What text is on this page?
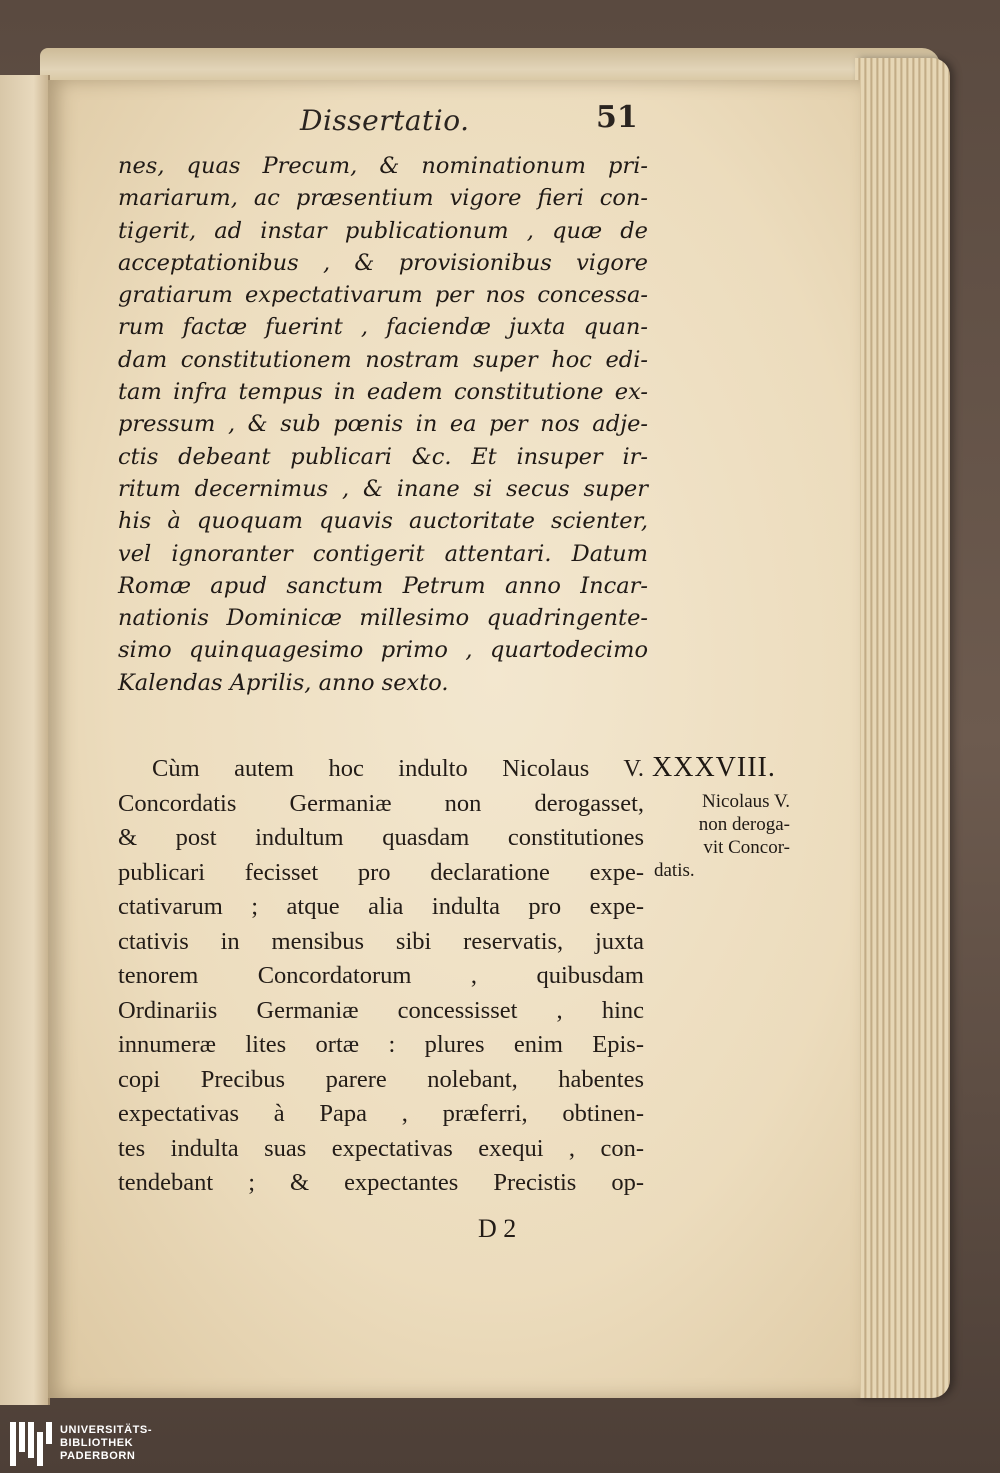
Dissertatio.	51
nes, quas Precum, & nominationum pri-
mariarum, ac præsentium vigore fieri con-
tigerit, ad instar publicationum , quæ de
acceptationibus , & provisionibus vigore
gratiarum expectativarum per nos concessa-
rum factæ fuerint , faciendæ juxta quan-
dam constitutionem nostram super hoc edi-
tam infra tempus in eadem constitutione ex-
pressum , & sub pœnis in ea per nos adje-
ctis debeant publicari &c. Et insuper ir-
ritum decernimus , & inane si secus super
his à quoquam quavis auctoritate scienter,
vel ignoranter contigerit attentari. Datum
Romæ apud sanctum Petrum anno Incar-
nationis Dominicæ millesimo quadringente-
simo quinquagesimo primo , quartodecimo
Kalendas Aprilis, anno sexto.
XXXVIII.
Nicolaus V.
non deroga-
vit Concor-
datis.
Cùm autem hoc indulto Nicolaus V.
Concordatis Germaniæ non derogasset,
& post indultum quasdam constitutiones
publicari fecisset pro declaratione expe-
ctativarum ; atque alia indulta pro expe-
ctativis in mensibus sibi reservatis, juxta
tenorem Concordatorum , quibusdam
Ordinariis Germaniæ concessisset , hinc
innumeræ lites ortæ : plures enim Epis-
copi Precibus parere nolebant, habentes
expectativas à Papa , præferri, obtinen-
tes indulta suas expectativas exequi , con-
tendebant ; & expectantes Precistis op-
D 2
UNIVERSITÄTS-
BIBLIOTHEK
PADERBORN
